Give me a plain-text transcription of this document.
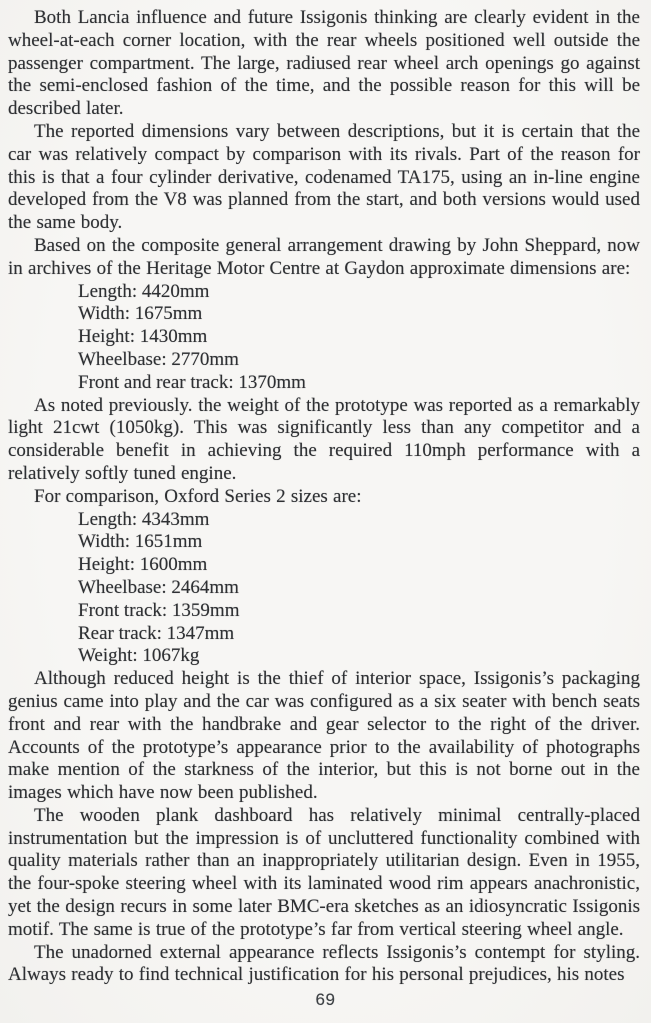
Both Lancia influence and future Issigonis thinking are clearly evident in the wheel-at-each corner location, with the rear wheels positioned well outside the passenger compartment. The large, radiused rear wheel arch openings go against the semi-enclosed fashion of the time, and the possible reason for this will be described later.

The reported dimensions vary between descriptions, but it is certain that the car was relatively compact by comparison with its rivals. Part of the reason for this is that a four cylinder derivative, codenamed TA175, using an in-line engine developed from the V8 was planned from the start, and both versions would used the same body.

Based on the composite general arrangement drawing by John Sheppard, now in archives of the Heritage Motor Centre at Gaydon approximate dimensions are:

Length: 4420mm
Width: 1675mm
Height: 1430mm
Wheelbase: 2770mm
Front and rear track: 1370mm

As noted previously. the weight of the prototype was reported as a remarkably light 21cwt (1050kg). This was significantly less than any competitor and a considerable benefit in achieving the required 110mph performance with a relatively softly tuned engine.

For comparison, Oxford Series 2 sizes are:

Length: 4343mm
Width: 1651mm
Height: 1600mm
Wheelbase: 2464mm
Front track: 1359mm
Rear track: 1347mm
Weight: 1067kg

Although reduced height is the thief of interior space, Issigonis’s packaging genius came into play and the car was configured as a six seater with bench seats front and rear with the handbrake and gear selector to the right of the driver. Accounts of the prototype’s appearance prior to the availability of photographs make mention of the starkness of the interior, but this is not borne out in the images which have now been published.

The wooden plank dashboard has relatively minimal centrally-placed instrumentation but the impression is of uncluttered functionality combined with quality materials rather than an inappropriately utilitarian design. Even in 1955, the four-spoke steering wheel with its laminated wood rim appears anachronistic, yet the design recurs in some later BMC-era sketches as an idiosyncratic Issigonis motif. The same is true of the prototype’s far from vertical steering wheel angle.

The unadorned external appearance reflects Issigonis’s contempt for styling. Always ready to find technical justification for his personal prejudices, his notes

69
